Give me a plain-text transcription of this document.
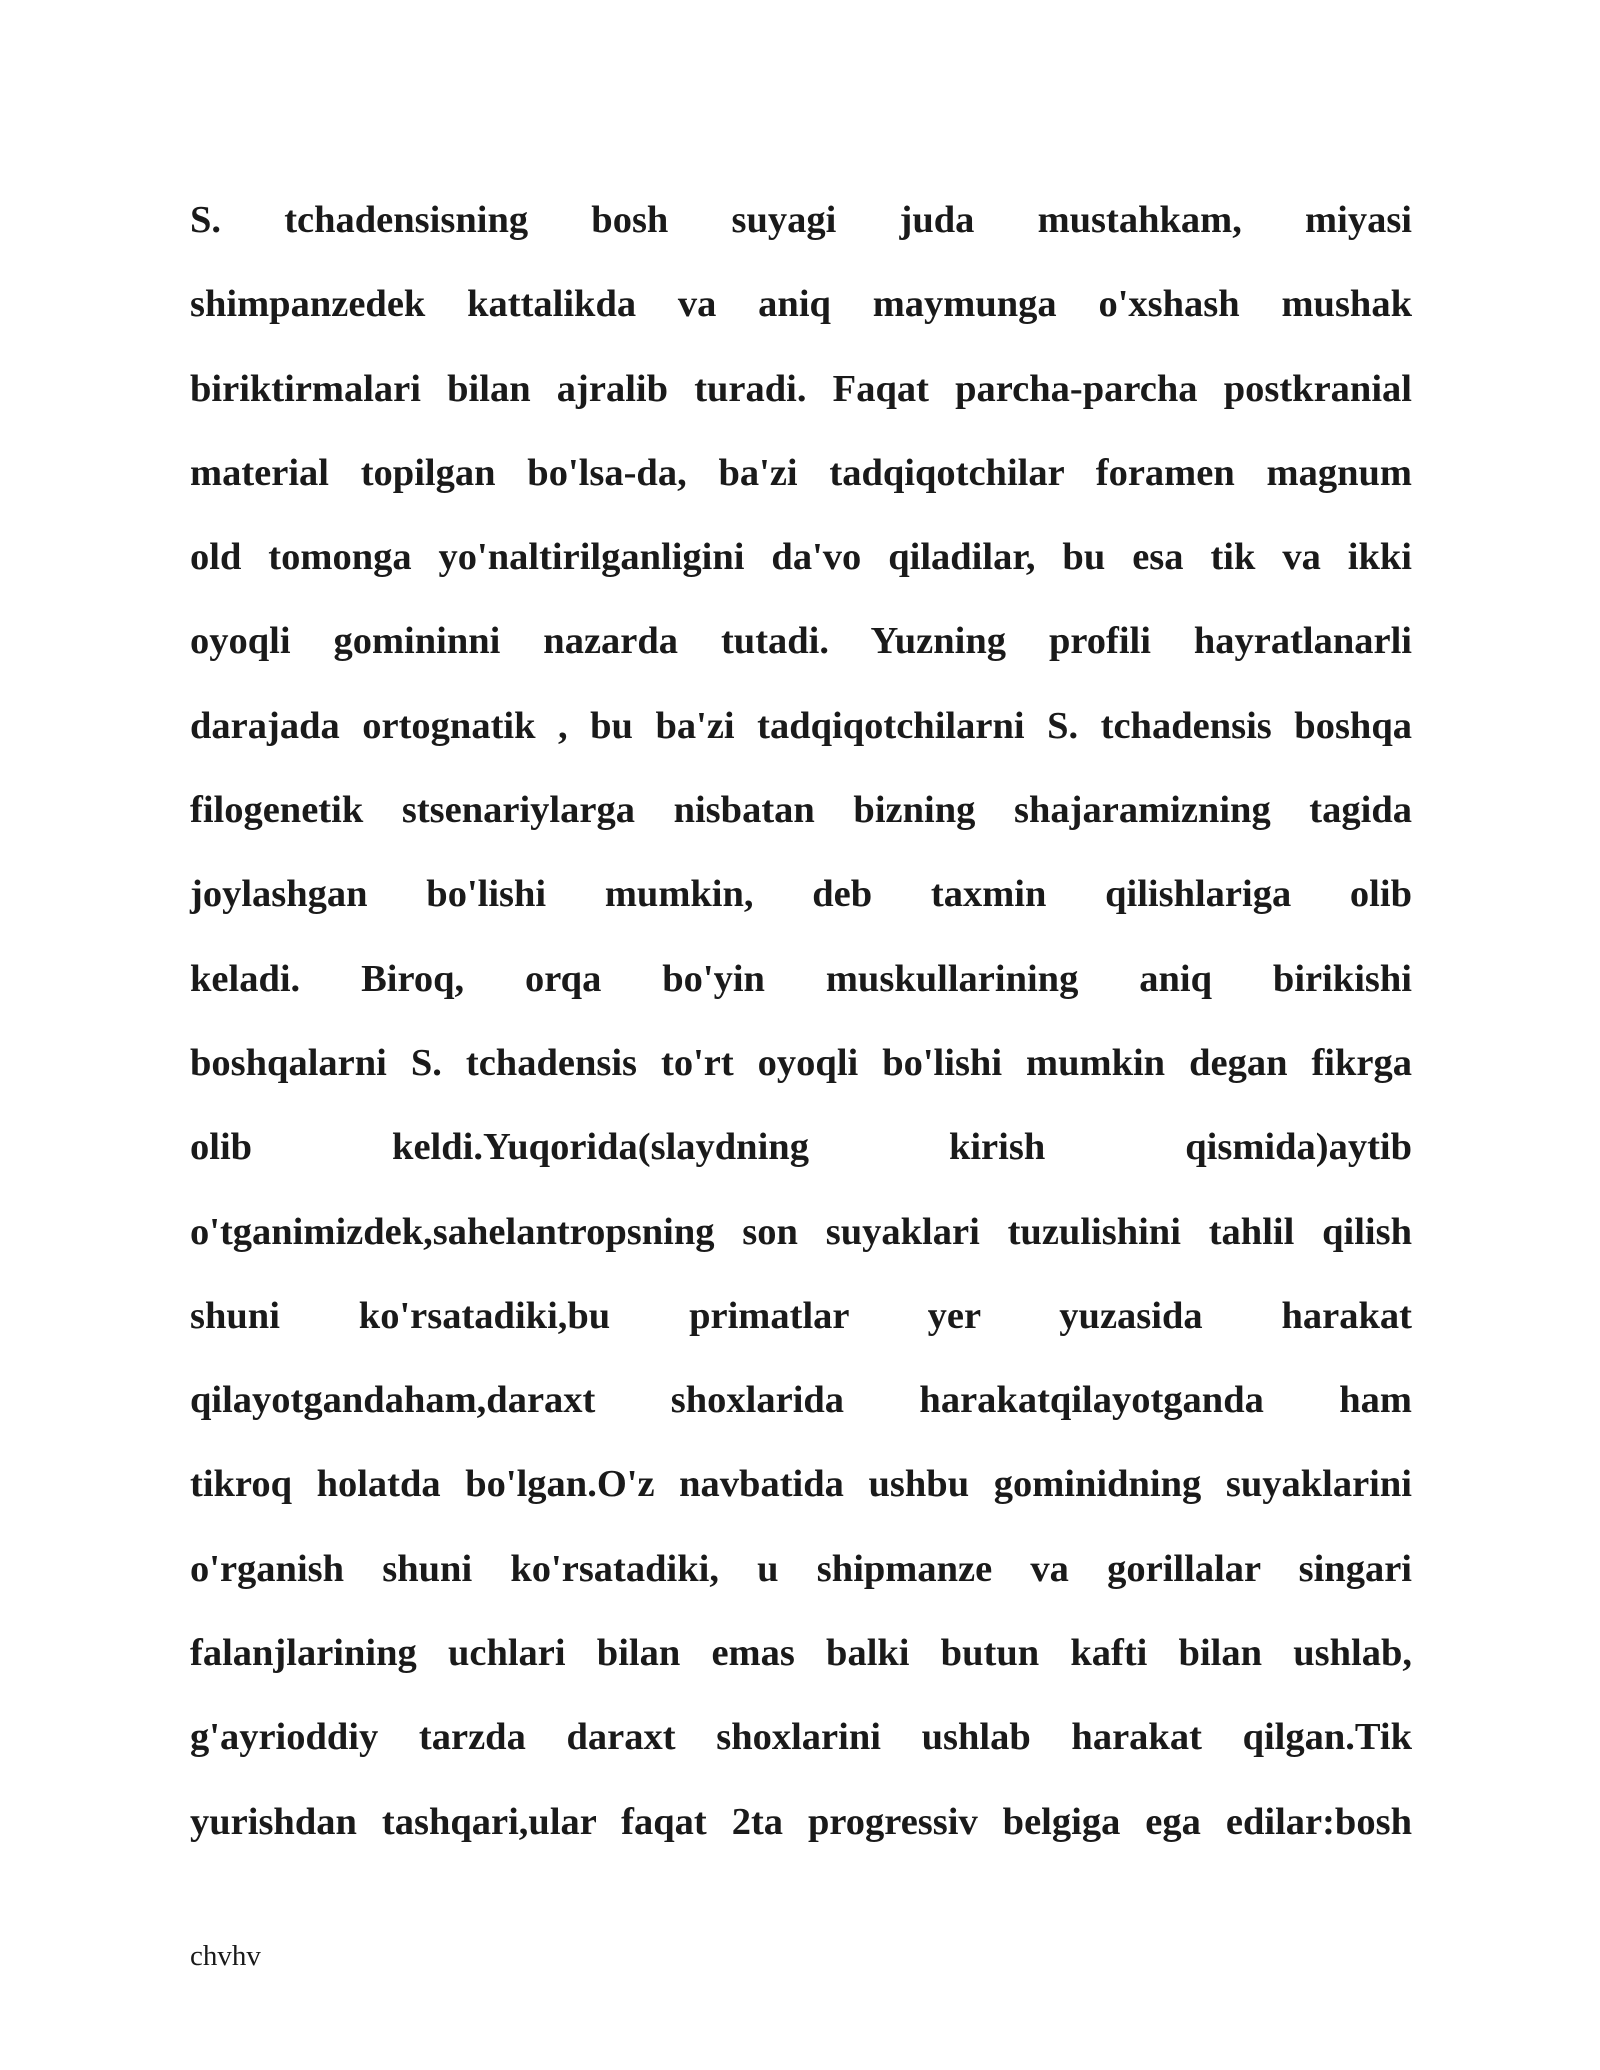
S. tchadensisning bosh suyagi juda mustahkam, miyasi
shimpanzedek kattalikda va aniq maymunga o'xshash mushak
biriktirmalari bilan ajralib turadi. Faqat parcha-parcha postkranial
material topilgan bo'lsa-da, ba'zi tadqiqotchilar foramen magnum
old tomonga yo'naltirilganligini da'vo qiladilar, bu esa tik va ikki
oyoqli gomininni nazarda tutadi. Yuzning profili hayratlanarli
darajada ortognatik , bu ba'zi tadqiqotchilarni S. tchadensis boshqa
filogenetik stsenariylarga nisbatan bizning shajaramizning tagida
joylashgan bo'lishi mumkin, deb taxmin qilishlariga olib
keladi. Biroq, orqa bo'yin muskullarining aniq birikishi
boshqalarni S. tchadensis to'rt oyoqli bo'lishi mumkin degan fikrga
olib keldi.Yuqorida(slaydning kirish qismida)aytib
o'tganimizdek,sahelantropsning son suyaklari tuzulishini tahlil qilish
shuni ko'rsatadiki,bu primatlar yer yuzasida harakat
qilayotgandaham,daraxt shoxlarida harakatqilayotganda ham
tikroq holatda bo'lgan.O'z navbatida ushbu gominidning suyaklarini
o'rganish shuni ko'rsatadiki, u shipmanze va gorillalar singari
falanjlarining uchlari bilan emas balki butun kafti bilan ushlab,
g'ayrioddiy tarzda daraxt shoxlarini ushlab harakat qilgan.Tik
yurishdan tashqari,ular faqat 2ta progressiv belgiga ega edilar:bosh
chvhv
